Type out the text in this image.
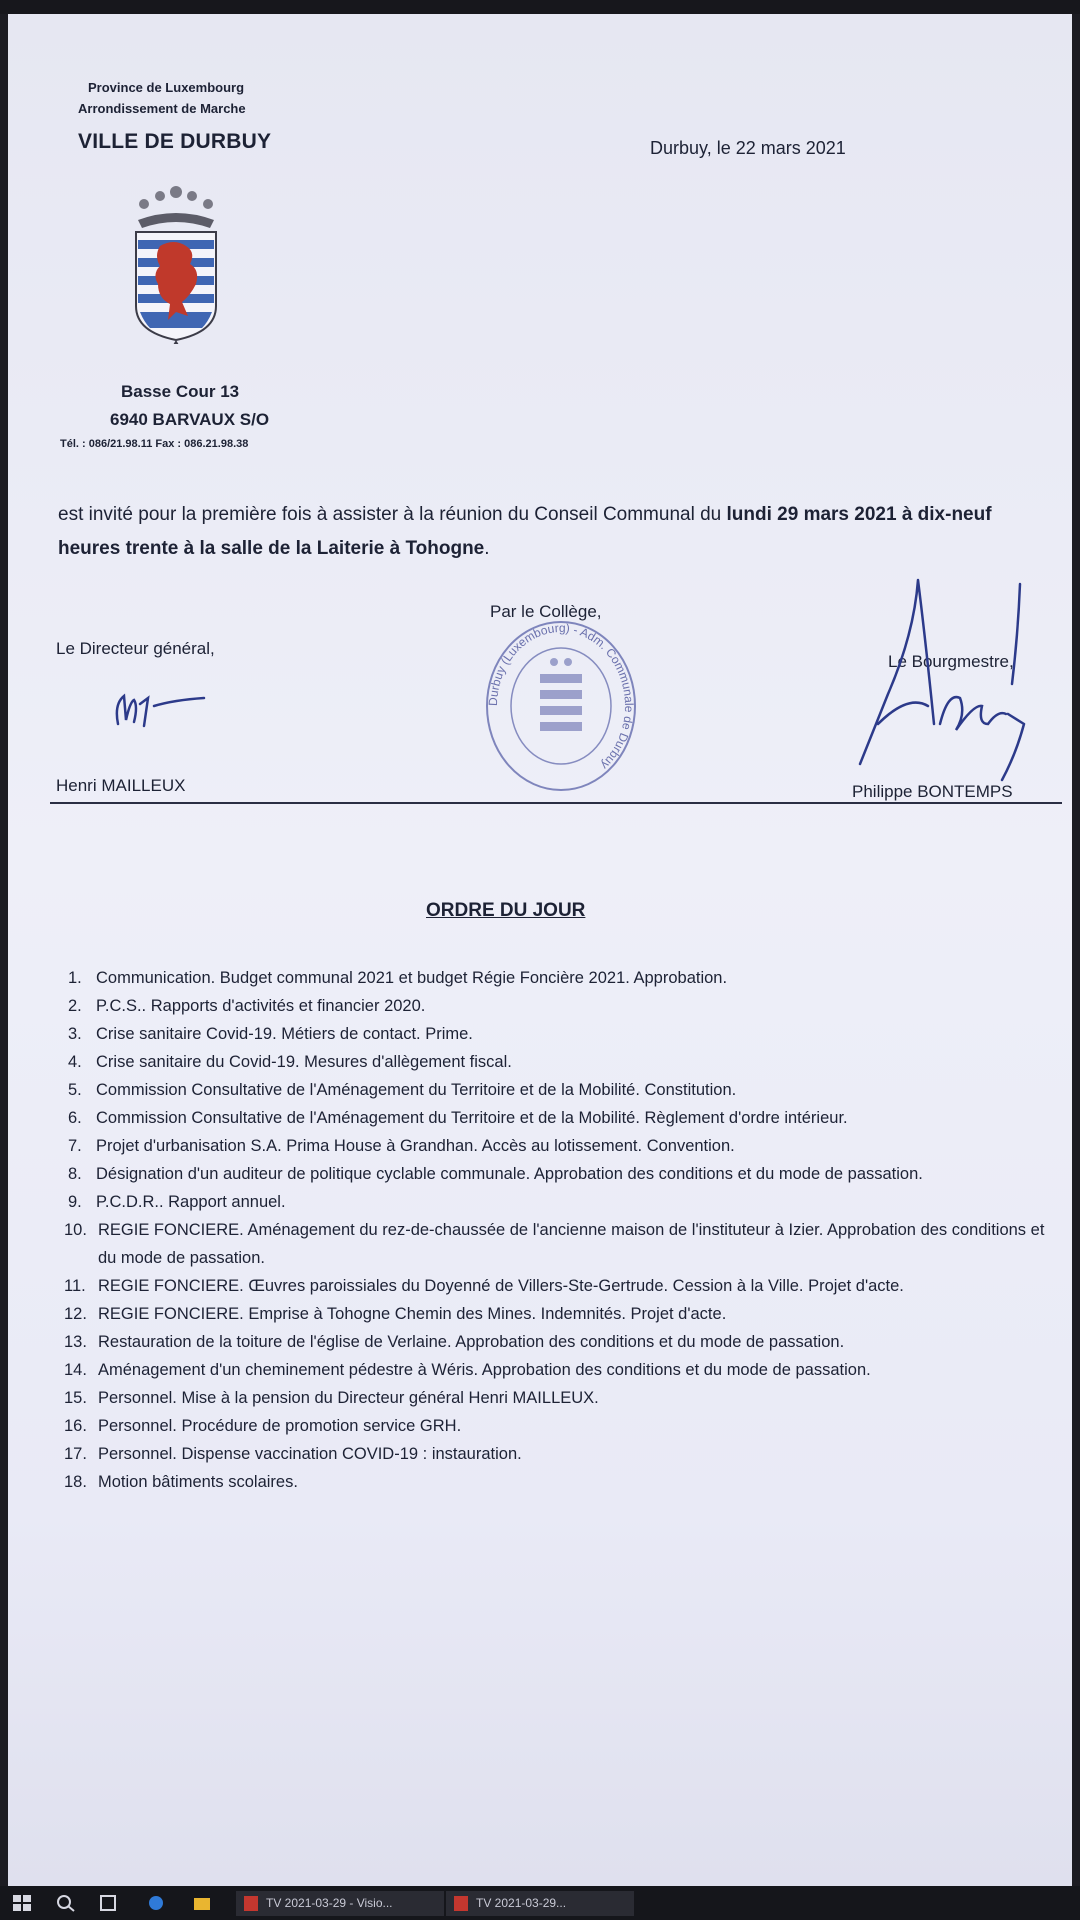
Province de Luxembourg
Arrondissement de Marche
VILLE DE DURBUY	Durbuy, le 22 mars 2021
Basse Cour 13
6940 BARVAUX S/O
Tél. : 086/21.98.11 Fax : 086.21.98.38
est invité pour la première fois à assister à la réunion du Conseil Communal du lundi 29 mars 2021 à dix-neuf heures trente à la salle de la Laiterie à Tohogne.
Par le Collège,
Le Directeur général,
Henri MAILLEUX
Durbuy (Luxembourg) - Adm. Communale de Durbuy
Le Bourgmestre,
Philippe BONTEMPS
ORDRE DU JOUR
1. Communication. Budget communal 2021 et budget Régie Foncière 2021. Approbation.
2. P.C.S.. Rapports d'activités et financier 2020.
3. Crise sanitaire Covid-19. Métiers de contact. Prime.
4. Crise sanitaire du Covid-19. Mesures d'allègement fiscal.
5. Commission Consultative de l'Aménagement du Territoire et de la Mobilité. Constitution.
6. Commission Consultative de l'Aménagement du Territoire et de la Mobilité. Règlement d'ordre intérieur.
7. Projet d'urbanisation S.A. Prima House à Grandhan. Accès au lotissement. Convention.
8. Désignation d'un auditeur de politique cyclable communale. Approbation des conditions et du mode de passation.
9. P.C.D.R.. Rapport annuel.
10. REGIE FONCIERE. Aménagement du rez-de-chaussée de l'ancienne maison de l'instituteur à Izier. Approbation des conditions et du mode de passation.
11. REGIE FONCIERE. Œuvres paroissiales du Doyenné de Villers-Ste-Gertrude. Cession à la Ville. Projet d'acte.
12. REGIE FONCIERE. Emprise à Tohogne Chemin des Mines. Indemnités. Projet d'acte.
13. Restauration de la toiture de l'église de Verlaine. Approbation des conditions et du mode de passation.
14. Aménagement d'un cheminement pédestre à Wéris. Approbation des conditions et du mode de passation.
15. Personnel. Mise à la pension du Directeur général Henri MAILLEUX.
16. Personnel. Procédure de promotion service GRH.
17. Personnel. Dispense vaccination COVID-19 : instauration.
18. Motion bâtiments scolaires.
TV 2021-03-29 - Visio...	TV 2021-03-29...
